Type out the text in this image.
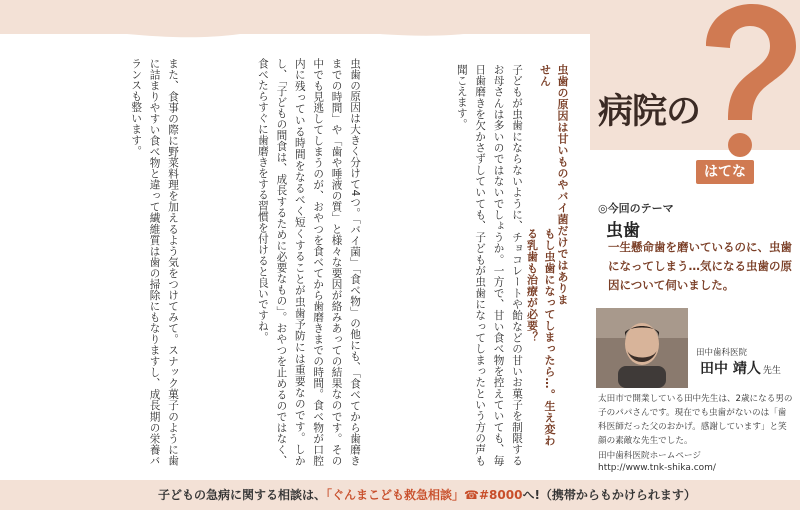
虫歯の原因は甘いものやバイ菌だけではありません
子どもが虫歯にならないように、チョコレートや飴などの甘いお菓子を制限するお母さんは多いのではないでしょうか。一方で、甘い食べ物を控えていても、毎日歯磨きを欠かさずしていても、子どもが虫歯になってしまったという方の声も聞こえます。
虫歯の原因は大きく分けて4つ。「バイ菌」「食べ物」の他にも、「食べてから歯磨きまでの時間」や「歯や唾液の質」と様々な要因が絡みあっての結果なのです。その中でも見逃してしまうのが、おやつを食べてから歯磨きまでの時間。食べ物が口腔内に残っている時間をなるべく短くすることが虫歯予防には重要なのです。しかし、「子どもの間食は、成長するために必要なもの」。おやつを止めるのではなく、食べたらすぐに歯磨きをする習慣を付けると良いですね。
また、食事の際に野菜料理を加えるよう気をつけてみて。スナック菓子のように歯に詰まりやすい食べ物と違って繊維質は歯の掃除にもなりますし、成長期の栄養バランスも整います。	病院の
はてな
◎今回のテーマ
虫歯
一生懸命歯を磨いているのに、虫歯になってしまう…気になる虫歯の原因について伺いました。
もし虫歯になってしまったら…。生え変わる乳歯も治療が必要？
田中歯科医院
田中 靖人 先生
太田市で開業している田中先生は、2歳になる男の子のパパさんです。現在でも虫歯がないのは「歯科医師だった父のおかげ。感謝しています」と笑顔の素敵な先生でした。
田中歯科医院ホームページ
http://www.tnk-shika.com/
子どもの急病に関する相談は、「ぐんまこども救急相談」☎#8000へ!（携帯からもかけられます）
